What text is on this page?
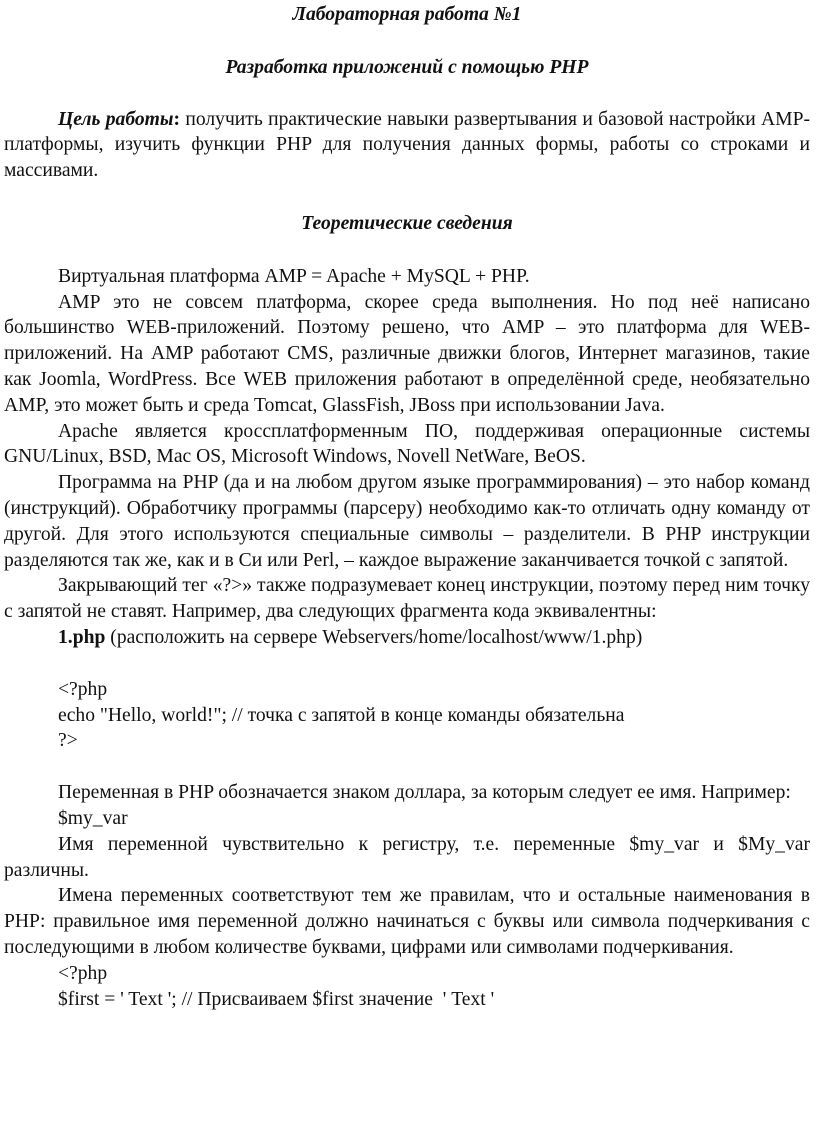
Лабораторная работа №1

Разработка приложений с помощью PHP

Цель работы: получить практические навыки развертывания и базовой настройки AMP-платформы, изучить функции PHP для получения данных формы, работы со строками и массивами.

Теоретические сведения

Виртуальная платформа AMP = Apache + MySQL + PHP.

AMP это не совсем платформа, скорее среда выполнения. Но под неё написано большинство WEB-приложений. Поэтому решено, что AMP – это платформа для WEB-приложений. На AMP работают CMS, различные движки блогов, Интернет магазинов, такие как Joomla, WordPress. Все WEB приложения работают в определённой среде, необязательно AMP, это может быть и среда Tomcat, GlassFish, JBoss при использовании Java.

Apache является кроссплатформенным ПО, поддерживая операционные системы GNU/Linux, BSD, Mac OS, Microsoft Windows, Novell NetWare, BeOS.

Программа на PHP (да и на любом другом языке программирования) – это набор команд (инструкций). Обработчику программы (парсеру) необходимо как-то отличать одну команду от другой. Для этого используются специальные символы – разделители. В PHP инструкции разделяются так же, как и в Си или Perl, – каждое выражение заканчивается точкой с запятой.

Закрывающий тег «?>» также подразумевает конец инструкции, поэтому перед ним точку с запятой не ставят. Например, два следующих фрагмента кода эквивалентны:

1.php (расположить на сервере Webservers/home/localhost/www/1.php)

<?php
echo "Hello, world!"; // точка с запятой в конце команды обязательна
?>

Переменная в PHP обозначается знаком доллара, за которым следует ее имя. Например:

$my_var

Имя переменной чувствительно к регистру, т.е. переменные $my_var и $My_var различны.

Имена переменных соответствуют тем же правилам, что и остальные наименования в PHP: правильное имя переменной должно начинаться с буквы или символа подчеркивания с последующими в любом количестве буквами, цифрами или символами подчеркивания.

<?php
$first = ' Text '; // Присваиваем $first значение  ' Text '
